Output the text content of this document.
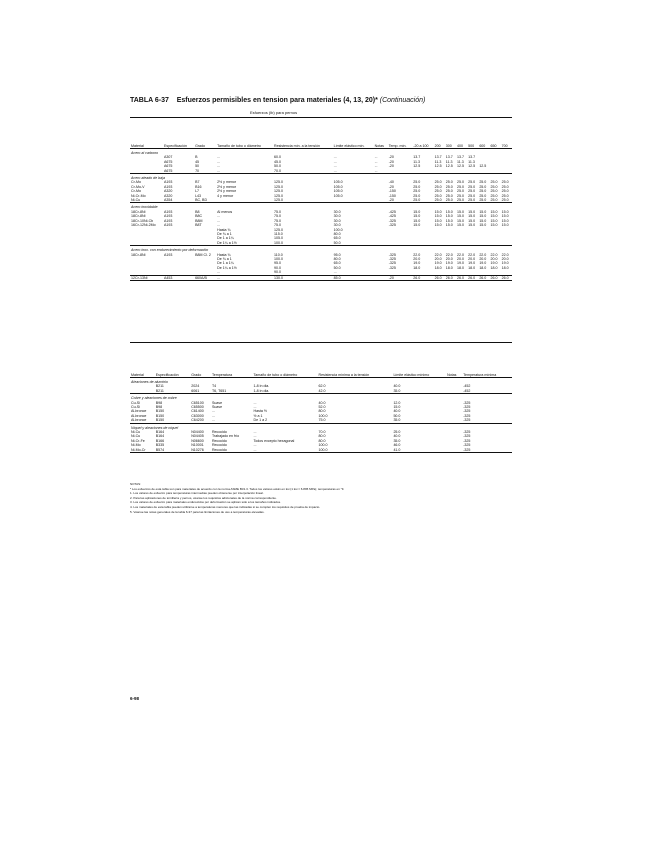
TABLA 6-37 Esfuerzos permisibles en tension para materiales (4, 13, 20)* (Continuación)
Esfuerzos (lb) para pernos
Material	Especificación	Grado	Tamaño de tubo o diámetro	Resistencia mín. a la tensión	Límite elástico mín.	Notas	Temp. mín.	-20 a 100	200	300	400	500	600	650	700
Acero al carbono															
	A307	B	...	60.0	...	...	-20	13.7	13.7	13.7	13.7	13.7			
	A675	45	...	45.0	...	...	-20	11.3	11.3	11.3	11.3	11.3			
	A675	50	...	50.0	...	...	-20	12.5	12.5	12.5	12.5	12.5	12.5		
	A675	70	...	70.0	...	...									
Acero aleado de baja															
Cr-Mo	A193	B7	2½ y menor	125.0	105.0		-40	25.0	25.0	25.0	25.0	25.0	25.0	25.0	25.0
Cr-Mo-V	A193	B16	2½ y menor	125.0	105.0		-20	25.0	25.0	25.0	25.0	25.0	25.0	25.0	25.0
Cr-Mo	A320	L7	2½ y menor	125.0	105.0		-150	25.0	25.0	25.0	25.0	25.0	25.0	25.0	25.0
Ni-Cr-Mo	A320	L43	4 y menor	125.0	105.0		-150	25.0	25.0	25.0	25.0	25.0	25.0	25.0	25.0
Ni-Cu	A354	BC, BD		125.0			-20	25.0	25.0	25.0	25.0	25.0	25.0	25.0	25.0
Acero inoxidable															
18Cr-8Ni	A193	B8	Al menos	75.0	30.0		-425	15.0	15.0	15.0	15.0	15.0	15.0	15.0	15.0
18Cr-8Ni	A193	B8C	...	75.0	30.0		-425	15.0	15.0	15.0	15.0	15.0	15.0	15.0	15.0
18Cr-10Ni-Cb	A193	B8M	...	75.0	30.0		-325	15.0	15.0	15.0	15.0	15.0	15.0	15.0	15.0
16Cr-12Ni-2Mo	A193	B8T	...	75.0	30.0		-325	15.0	15.0	15.0	15.0	15.0	15.0	15.0	15.0
			Hasta ¾	125.0	100.0										
			De ¾ a 1	115.0	80.0										
			De 1 a 1¼	105.0	65.0										
			De 1¼ a 1½	100.0	50.0										
Acero inox. con endurecimiento por deformación															
18Cr-8Ni	A193	B8M Cl. 2	Hasta ¾	110.0	95.0		-325	22.0	22.0	22.0	22.0	22.0	22.0	22.0	22.0
			De ¾ a 1	100.0	80.0		-325	20.0	20.0	20.0	20.0	20.0	20.0	20.0	20.0
			De 1 a 1¼	95.0	65.0		-325	19.0	19.0	19.0	19.0	19.0	19.0	19.0	19.0
			De 1¼ a 1½	90.0	50.0		-325	18.0	18.0	18.0	18.0	18.0	18.0	18.0	18.0
			...	90.0	...										
12Cr-13Ni	A453	660A/B	...	130.0	85.0		-20	26.0	26.0	26.0	26.0	26.0	26.0	26.0	26.0
Material	Especificación	Grado	Temperatura	Tamaño de tubo o diámetro	Resistencia mínima a la tensión	Límite elástico mínimo	Notas	Temperatura mínima
Aleaciones de aluminio								
	B211	2024	T4	1-8 in dia.	62.0	40.0		-452
	B211	6061	T6, T651	1-8 in dia.	42.0	35.0		-452
Cobre y aleaciones de cobre								
Cu-Si	B98	C65100	Suave	...	40.0	12.0		-325
Cu-Si	B98	C65500	Suave	...	52.0	15.0		-325
Al-bronce	B150	C61400	...	Hasta ½	80.0	40.0		-325
Al-bronce	B150	C63000	...	½ a 1	100.0	50.0		-325
Al-bronce	B150	C64200	...	De 1 a 2	75.0	35.0		-325
Níquel y aleaciones de níquel								
Ni-Cu	B164	N04400	Recocido	...	70.0	25.0		-325
Ni-Cu	B164	N04405	Trabajado en frío	...	80.0	40.0		-325
Ni-Cr-Fe	B166	N06600	Recocido	Todos excepto hexagonal	80.0	35.0		-325
Ni-Mo	B335	N10001	Recocido	...	100.0	46.0		-325
Ni-Mo-Cr	B574	N10276	Recocido	...	100.0	41.0		-325

NOTAS:

* Los esfuerzos de esta tabla son para materiales de acuerdo con la norma ASME B31.3. Todos los valores están en ksi (1 ksi = 6.895 MPa); temperaturas en °F.

1. Los valores de esfuerzo para temperaturas intermedias pueden obtenerse por interpolación lineal.

2. Para las aplicaciones de tornillería y pernos, véanse los requisitos adicionales de la norma correspondiente.

3. Los valores de esfuerzo para materiales endurecidos por deformación se aplican sólo a los tamaños indicados.

4. Los materiales de esta tabla pueden utilizarse a temperaturas menores que las indicadas si se cumplen los requisitos de prueba de impacto.

5. Véanse las notas generales de la tabla 6-37 para las limitaciones de uso a temperaturas elevadas.

6-98
